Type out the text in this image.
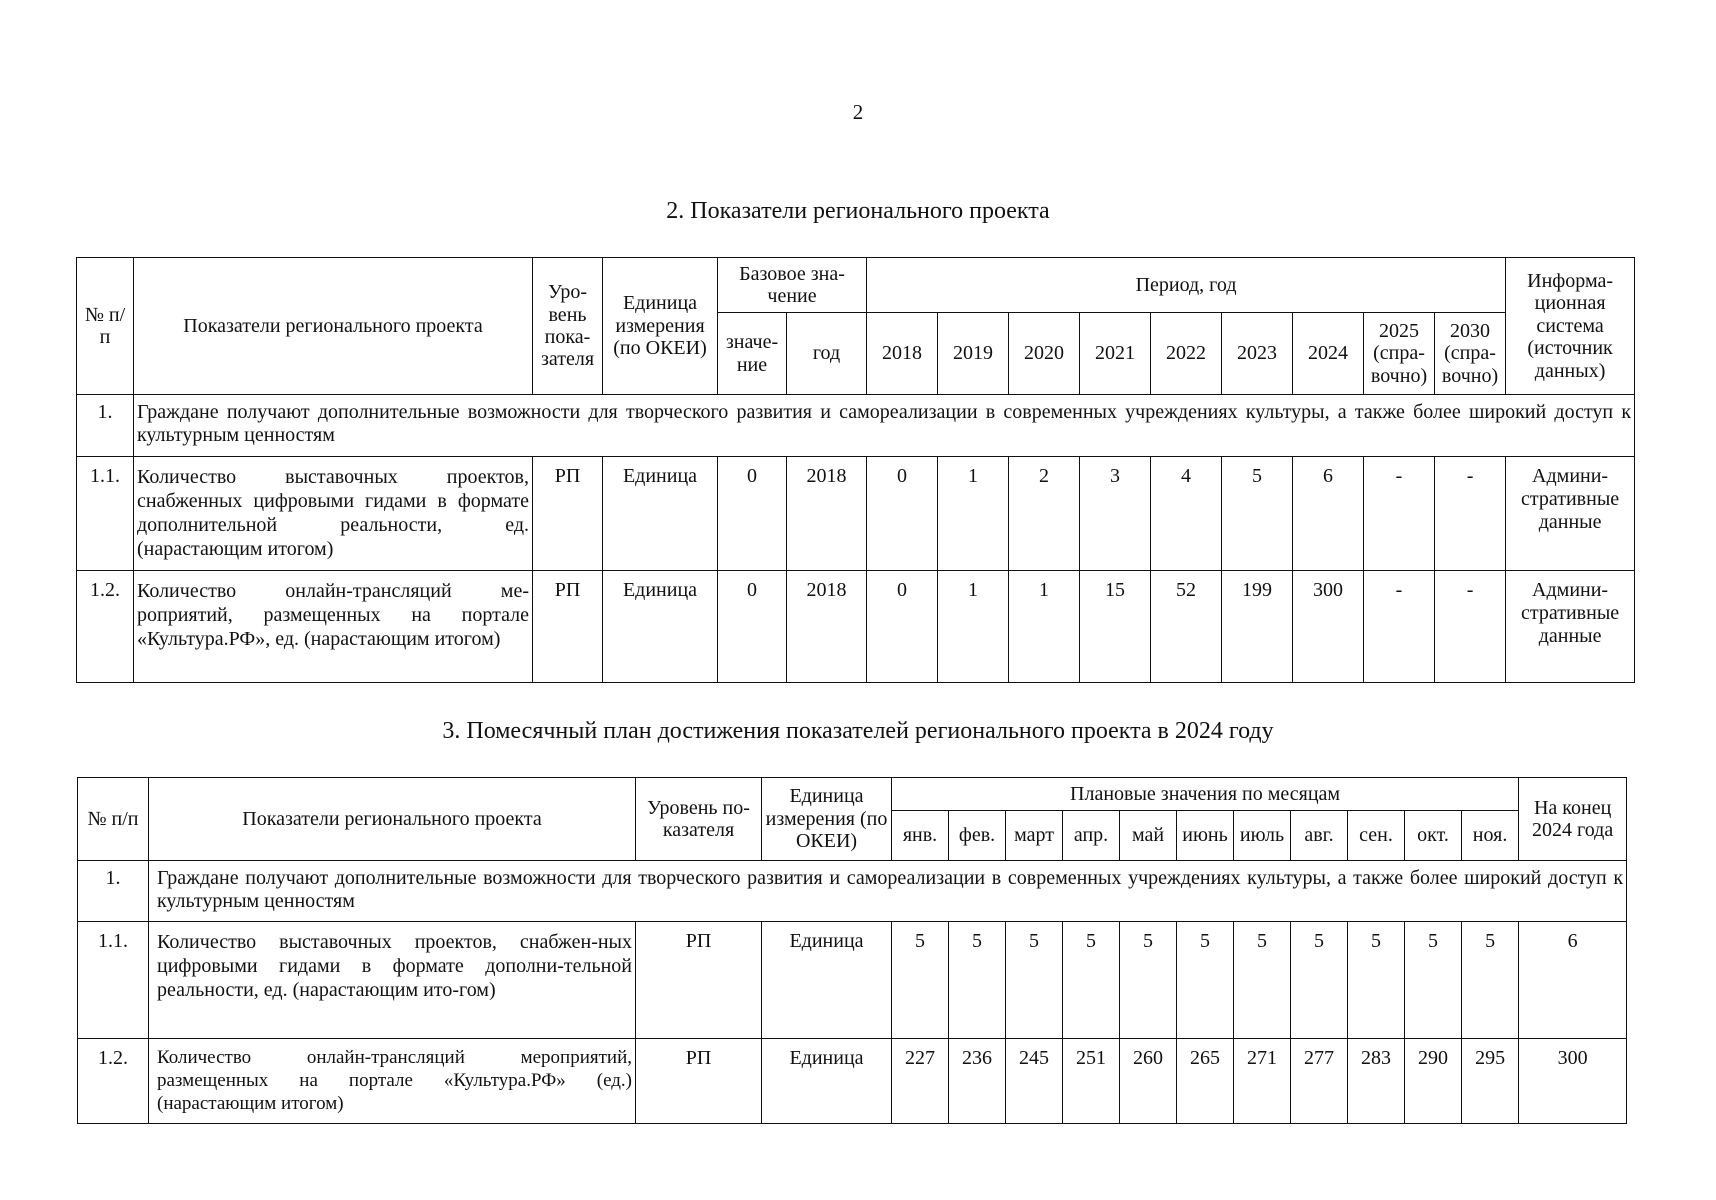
2
2. Показатели регионального проекта
№ п/п	Показатели регионального проекта	Уро-вень пока-зателя	Единица измерения (по ОКЕИ)	Базовое зна-чение		Период, год									Информа-ционная система (источник данных)
				значе-ние	год	2018	2019	2020	2021	2022	2023	2024	2025 (спра-вочно)	2030 (спра-вочно)	
1.	Граждане получают дополнительные возможности для творческого развития и самореализации в современных учреждениях культуры, а также более широкий доступ к культурным ценностям														
1.1.	Количество выставочных проектов, снабженных цифровыми гидами в формате дополнительной реальности, ед. (нарастающим итогом)	РП	Единица	0	2018	0	1	2	3	4	5	6	-	-	Админи-стративные данные
1.2.	Количество онлайн-трансляций ме-роприятий, размещенных на портале «Культура.РФ», ед. (нарастающим итогом)	РП	Единица	0	2018	0	1	1	15	52	199	300	-	-	Админи-стративные данные
3. Помесячный план достижения показателей регионального проекта в 2024 году
№ п/п	Показатели регионального проекта	Уровень по-казателя	Единица измерения (по ОКЕИ)	Плановые значения по месяцам											На конец 2024 года
				янв.	фев.	март	апр.	май	июнь	июль	авг.	сен.	окт.	ноя.	
1.	Граждане получают дополнительные возможности для творческого развития и самореализации в современных учреждениях культуры, а также более широкий доступ к культурным ценностям														
1.1.	Количество выставочных проектов, снабжен-ных цифровыми гидами в формате дополни-тельной реальности, ед. (нарастающим ито-гом)	РП	Единица	5	5	5	5	5	5	5	5	5	5	5	6
1.2.	Количество онлайн-трансляций мероприятий, размещенных на портале «Культура.РФ» (ед.) (нарастающим итогом)	РП	Единица	227	236	245	251	260	265	271	277	283	290	295	300
